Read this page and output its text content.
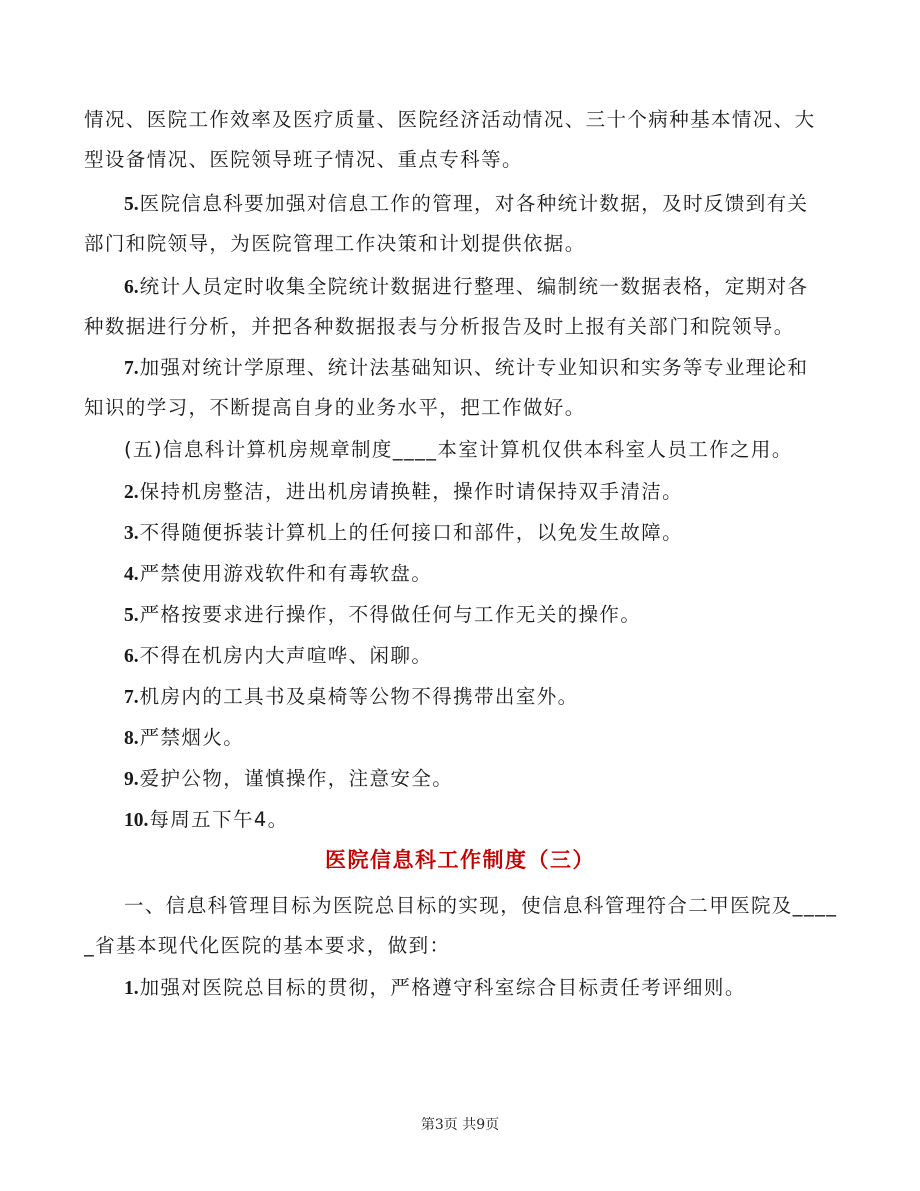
情况、医院工作效率及医疗质量、医院经济活动情况、三十个病种基本情况、大
型设备情况、医院领导班子情况、重点专科等。
5.医院信息科要加强对信息工作的管理，对各种统计数据，及时反馈到有关
部门和院领导，为医院管理工作决策和计划提供依据。
6.统计人员定时收集全院统计数据进行整理、编制统一数据表格，定期对各
种数据进行分析，并把各种数据报表与分析报告及时上报有关部门和院领导。
7.加强对统计学原理、统计法基础知识、统计专业知识和实务等专业理论和
知识的学习，不断提高自身的业务水平，把工作做好。
(五)信息科计算机房规章制度____本室计算机仅供本科室人员工作之用。
2.保持机房整洁，进出机房请换鞋，操作时请保持双手清洁。
3.不得随便拆装计算机上的任何接口和部件，以免发生故障。
4.严禁使用游戏软件和有毒软盘。
5.严格按要求进行操作，不得做任何与工作无关的操作。
6.不得在机房内大声喧哗、闲聊。
7.机房内的工具书及桌椅等公物不得携带出室外。
8.严禁烟火。
9.爱护公物，谨慎操作，注意安全。
10.每周五下午4。
医院信息科工作制度（三）
一、信息科管理目标为医院总目标的实现，使信息科管理符合二甲医院及____
_省基本现代化医院的基本要求，做到：
1.加强对医院总目标的贯彻，严格遵守科室综合目标责任考评细则。
第3页 共9页
